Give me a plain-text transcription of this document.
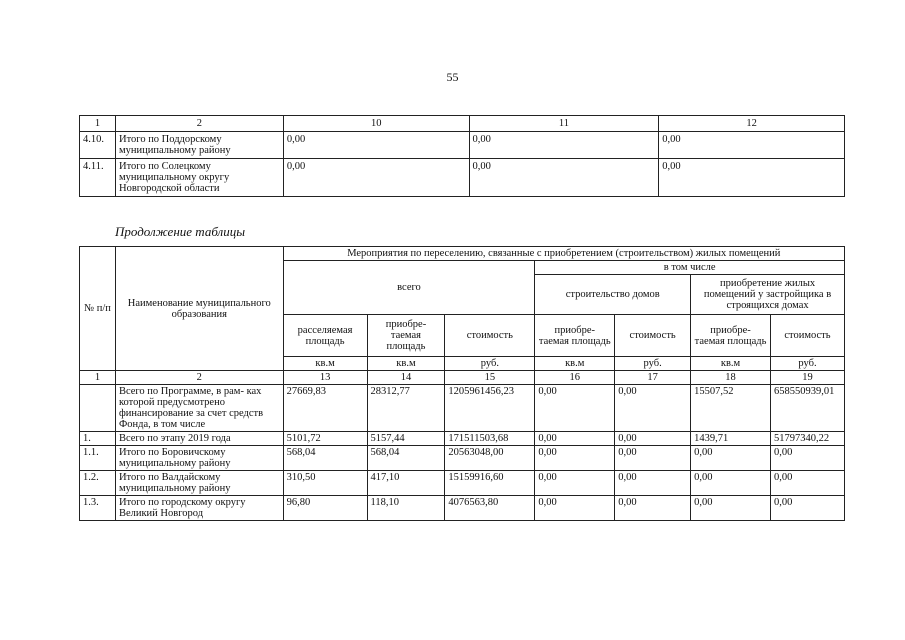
55
1	2	10	11	12
4.10.	Итого по Поддорскому муниципальному району	0,00	0,00	0,00
4.11.	Итого по Солецкому муниципальному округу Новгородской области	0,00	0,00	0,00
Продолжение таблицы
№ п/п	Наименование муниципального образования	Мероприятия по переселению, связанные с приобретением (строительством) жилых помещений						
		всего			в том числе			
					строительство домов		приобретение жилых помещений у застройщика в строящихся домах	
		расселяемая площадь	приобре- таемая площадь	стоимость	приобре- таемая площадь	стоимость	приобре- таемая площадь	стоимость
		кв.м	кв.м	руб.	кв.м	руб.	кв.м	руб.
1	2	13	14	15	16	17	18	19
	Всего по Программе, в рам- ках которой предусмотрено финансирование за счет средств Фонда, в том числе	27669,83	28312,77	1205961456,23	0,00	0,00	15507,52	658550939,01
1.	Всего по этапу 2019 года	5101,72	5157,44	171511503,68	0,00	0,00	1439,71	51797340,22
1.1.	Итого по Боровичскому муниципальному району	568,04	568,04	20563048,00	0,00	0,00	0,00	0,00
1.2.	Итого по Валдайскому муниципальному району	310,50	417,10	15159916,60	0,00	0,00	0,00	0,00
1.3.	Итого по городскому округу Великий Новгород	96,80	118,10	4076563,80	0,00	0,00	0,00	0,00
